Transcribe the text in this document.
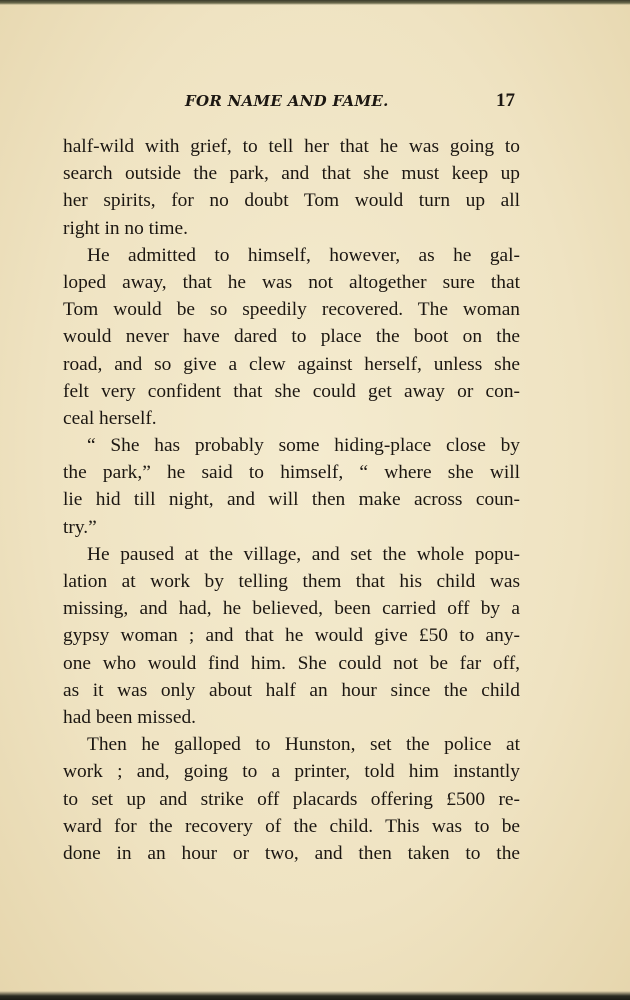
FOR NAME AND FAME.	17
half-wild with grief, to tell her that he was going to
search outside the park, and that she must keep up
her spirits, for no doubt Tom would turn up all
right in no time.
He admitted to himself, however, as he gal-
loped away, that he was not altogether sure that
Tom would be so speedily recovered. The woman
would never have dared to place the boot on the
road, and so give a clew against herself, unless she
felt very confident that she could get away or con-
ceal herself.
“ She has probably some hiding-place close by
the park,” he said to himself, “ where she will
lie hid till night, and will then make across coun-
try.”
He paused at the village, and set the whole popu-
lation at work by telling them that his child was
missing, and had, he believed, been carried off by a
gypsy woman ; and that he would give £50 to any-
one who would find him. She could not be far off,
as it was only about half an hour since the child
had been missed.
Then he galloped to Hunston, set the police at
work ; and, going to a printer, told him instantly
to set up and strike off placards offering £500 re-
ward for the recovery of the child. This was to be
done in an hour or two, and then taken to the
